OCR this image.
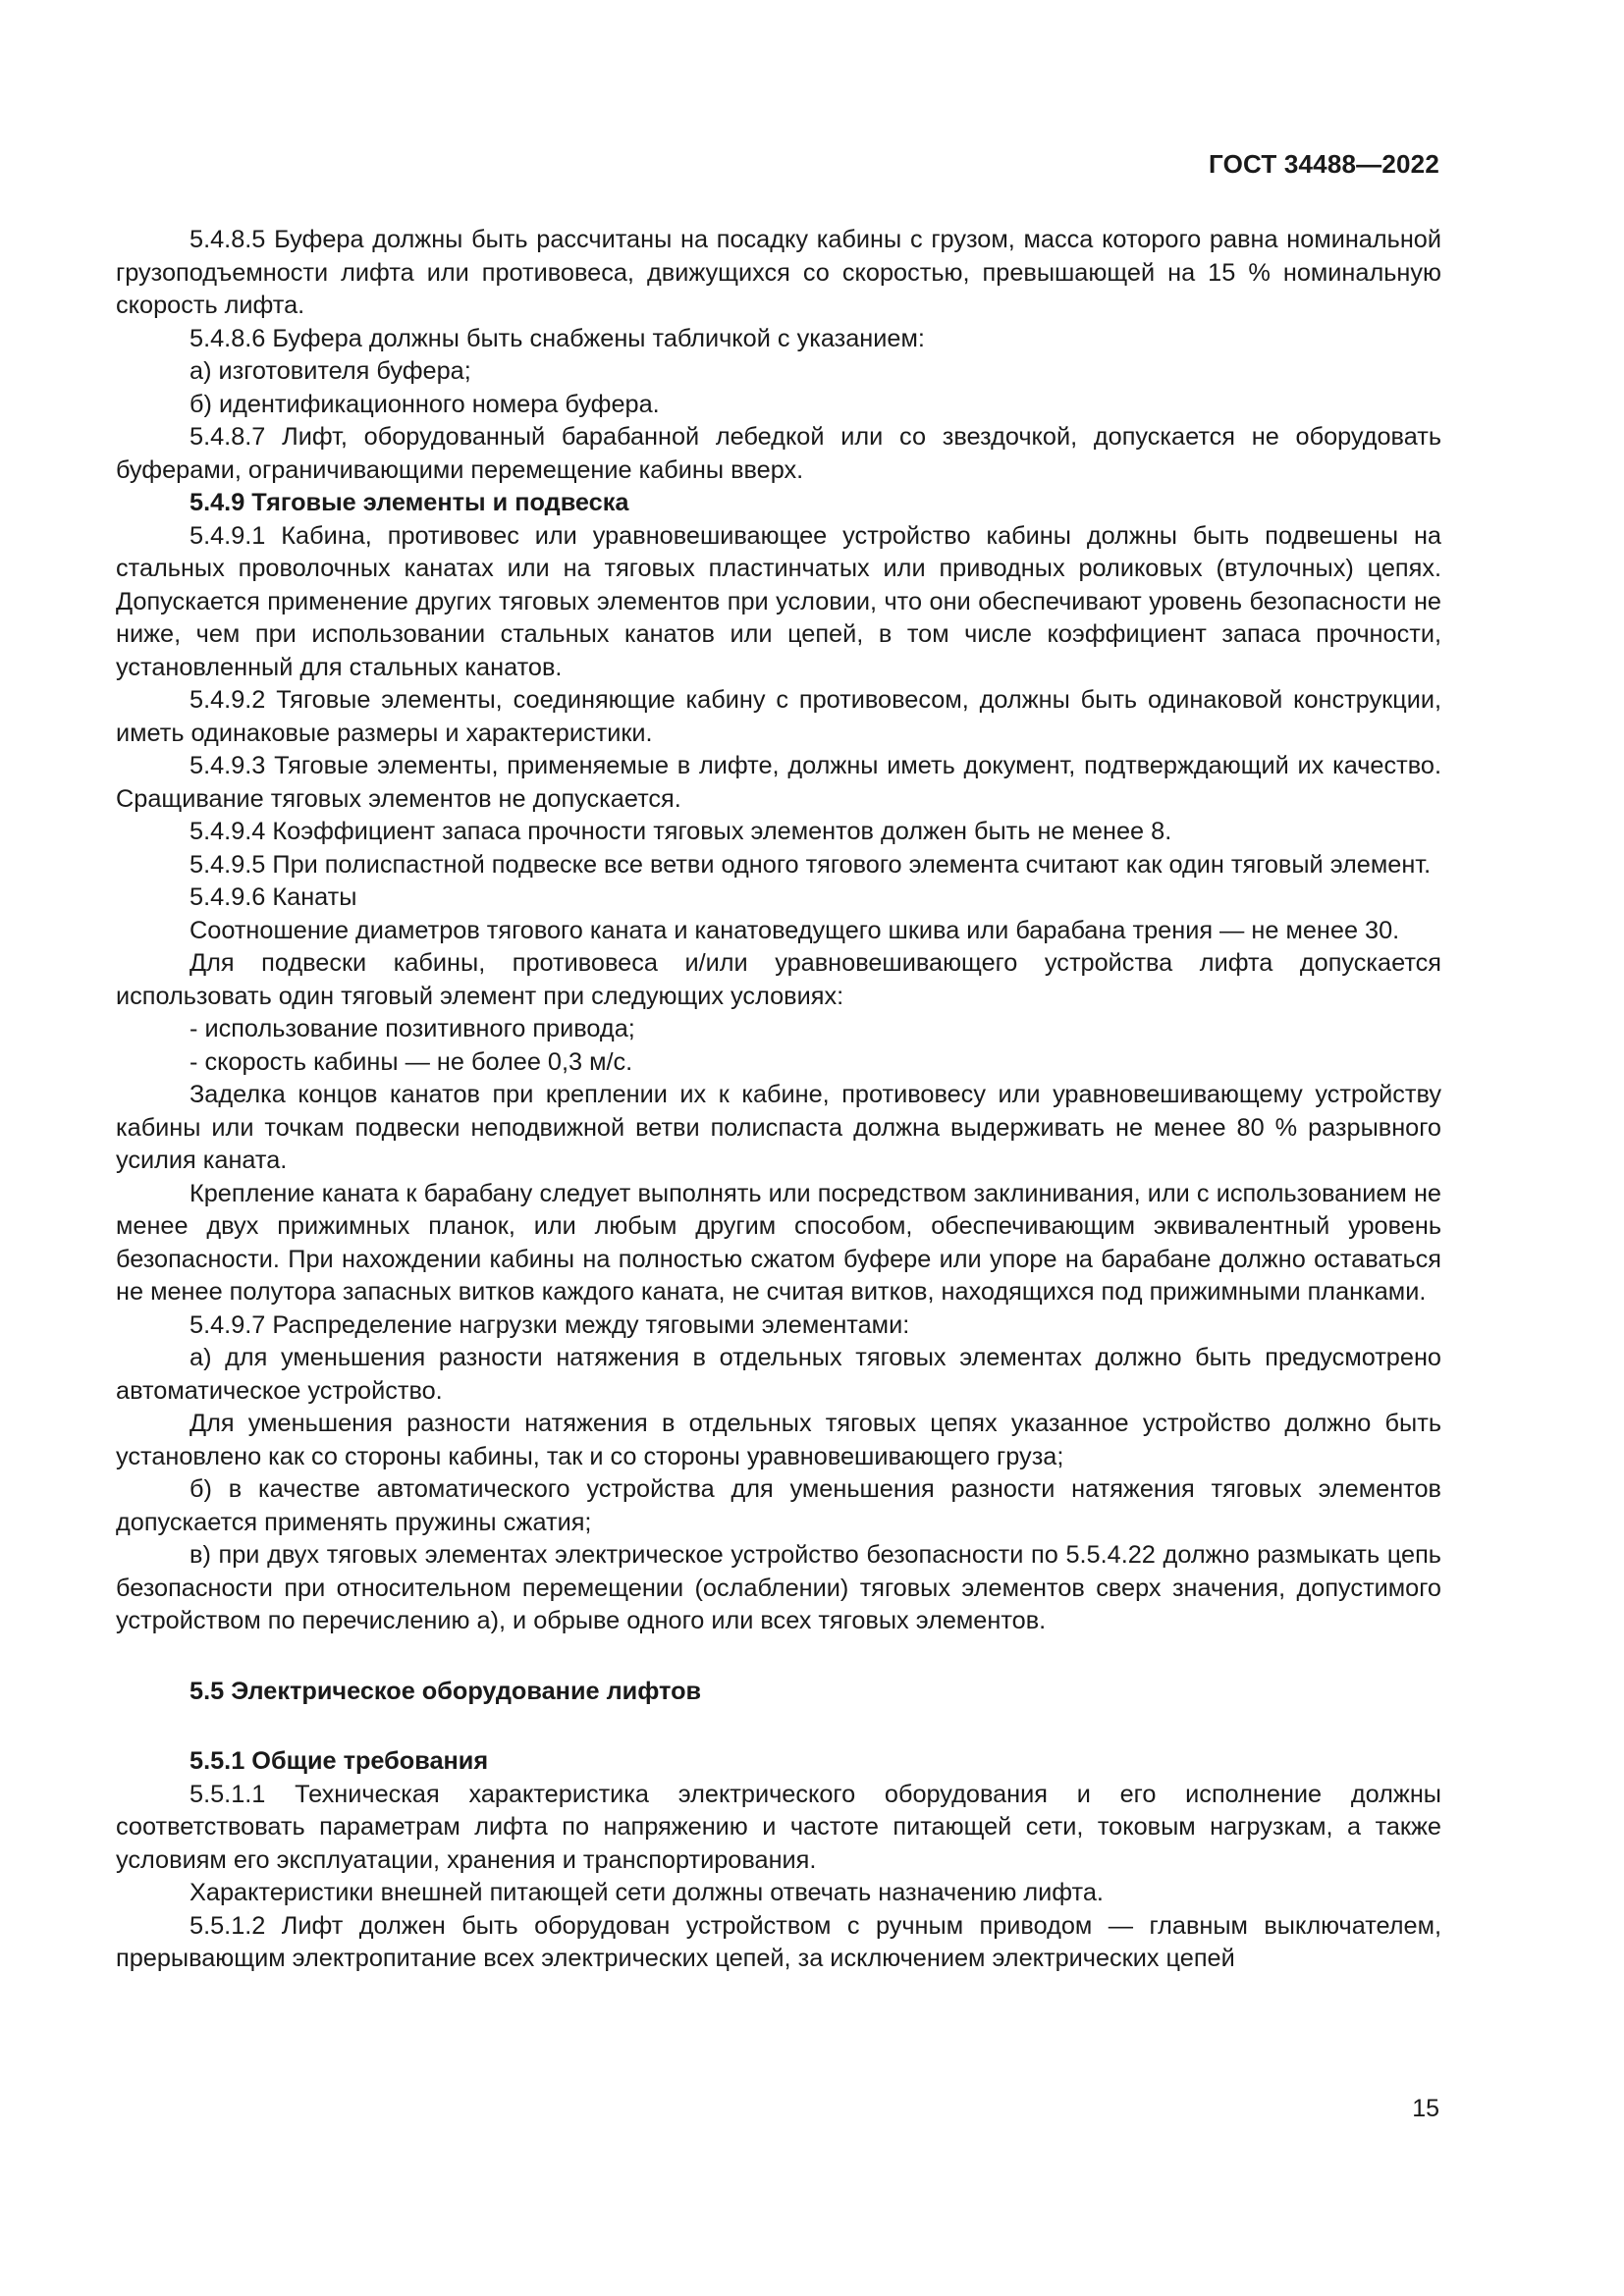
ГОСТ 34488—2022

5.4.8.5 Буфера должны быть рассчитаны на посадку кабины с грузом, масса которого равна номинальной грузоподъемности лифта или противовеса, движущихся со скоростью, превышающей на 15 % номинальную скорость лифта.

5.4.8.6 Буфера должны быть снабжены табличкой с указанием:

а) изготовителя буфера;

б) идентификационного номера буфера.

5.4.8.7 Лифт, оборудованный барабанной лебедкой или со звездочкой, допускается не оборудовать буферами, ограничивающими перемещение кабины вверх.

5.4.9 Тяговые элементы и подвеска

5.4.9.1 Кабина, противовес или уравновешивающее устройство кабины должны быть подвешены на стальных проволочных канатах или на тяговых пластинчатых или приводных роликовых (втулочных) цепях. Допускается применение других тяговых элементов при условии, что они обеспечивают уровень безопасности не ниже, чем при использовании стальных канатов или цепей, в том числе коэффициент запаса прочности, установленный для стальных канатов.

5.4.9.2 Тяговые элементы, соединяющие кабину с противовесом, должны быть одинаковой конструкции, иметь одинаковые размеры и характеристики.

5.4.9.3 Тяговые элементы, применяемые в лифте, должны иметь документ, подтверждающий их качество. Сращивание тяговых элементов не допускается.

5.4.9.4 Коэффициент запаса прочности тяговых элементов должен быть не менее 8.

5.4.9.5 При полиспастной подвеске все ветви одного тягового элемента считают как один тяговый элемент.

5.4.9.6 Канаты

Соотношение диаметров тягового каната и канатоведущего шкива или барабана трения — не менее 30.

Для подвески кабины, противовеса и/или уравновешивающего устройства лифта допускается использовать один тяговый элемент при следующих условиях:

- использование позитивного привода;

- скорость кабины — не более 0,3 м/с.

Заделка концов канатов при креплении их к кабине, противовесу или уравновешивающему устройству кабины или точкам подвески неподвижной ветви полиспаста должна выдерживать не менее 80 % разрывного усилия каната.

Крепление каната к барабану следует выполнять или посредством заклинивания, или с использованием не менее двух прижимных планок, или любым другим способом, обеспечивающим эквивалентный уровень безопасности. При нахождении кабины на полностью сжатом буфере или упоре на барабане должно оставаться не менее полутора запасных витков каждого каната, не считая витков, находящихся под прижимными планками.

5.4.9.7 Распределение нагрузки между тяговыми элементами:

а) для уменьшения разности натяжения в отдельных тяговых элементах должно быть предусмотрено автоматическое устройство.

Для уменьшения разности натяжения в отдельных тяговых цепях указанное устройство должно быть установлено как со стороны кабины, так и со стороны уравновешивающего груза;

б) в качестве автоматического устройства для уменьшения разности натяжения тяговых элементов допускается применять пружины сжатия;

в) при двух тяговых элементах электрическое устройство безопасности по 5.5.4.22 должно размыкать цепь безопасности при относительном перемещении (ослаблении) тяговых элементов сверх значения, допустимого устройством по перечислению а), и обрыве одного или всех тяговых элементов.

5.5 Электрическое оборудование лифтов

5.5.1 Общие требования

5.5.1.1 Техническая характеристика электрического оборудования и его исполнение должны соответствовать параметрам лифта по напряжению и частоте питающей сети, токовым нагрузкам, а также условиям его эксплуатации, хранения и транспортирования.

Характеристики внешней питающей сети должны отвечать назначению лифта.

5.5.1.2 Лифт должен быть оборудован устройством с ручным приводом — главным выключателем, прерывающим электропитание всех электрических цепей, за исключением электрических цепей

15
